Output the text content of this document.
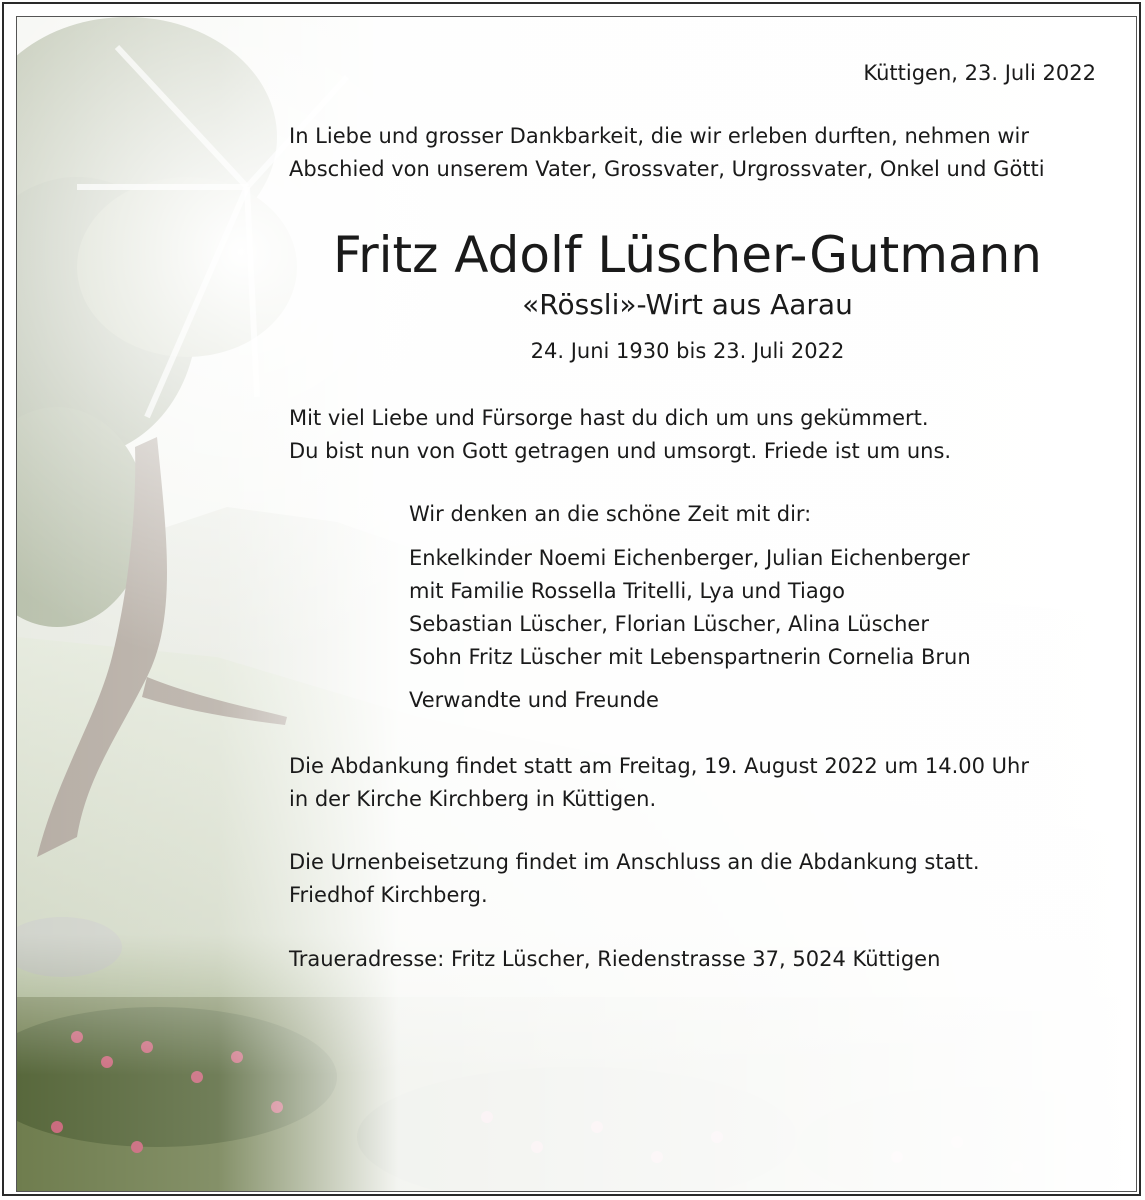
Küttigen, 23. Juli 2022
In Liebe und grosser Dankbarkeit, die wir erleben durften, nehmen wir
Abschied von unserem Vater, Grossvater, Urgrossvater, Onkel und Götti
Fritz Adolf Lüscher-Gutmann
«Rössli»-Wirt aus Aarau
24. Juni 1930 bis 23. Juli 2022
Mit viel Liebe und Fürsorge hast du dich um uns gekümmert.
Du bist nun von Gott getragen und umsorgt. Friede ist um uns.
Wir denken an die schöne Zeit mit dir:
Enkelkinder Noemi Eichenberger, Julian Eichenberger
mit Familie Rossella Tritelli, Lya und Tiago
Sebastian Lüscher, Florian Lüscher, Alina Lüscher
Sohn Fritz Lüscher mit Lebenspartnerin Cornelia Brun
Verwandte und Freunde
Die Abdankung findet statt am Freitag, 19. August 2022 um 14.00 Uhr
in der Kirche Kirchberg in Küttigen.
Die Urnenbeisetzung findet im Anschluss an die Abdankung statt.
Friedhof Kirchberg.
Traueradresse: Fritz Lüscher, Riedenstrasse 37, 5024 Küttigen
